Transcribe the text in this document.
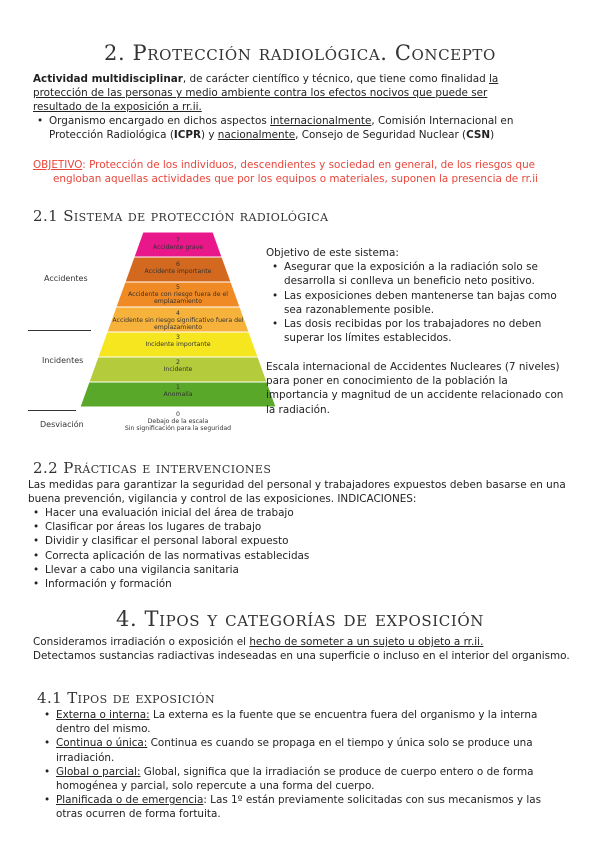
2. Protección radiológica. Concepto

Actividad multidisciplinar, de carácter científico y técnico, que tiene como finalidad la

protección de las personas y medio ambiente contra los efectos nocivos que puede ser

resultado de la exposición a rr.ii.

• Organismo encargado en dichos aspectos internacionalmente, Comisión Internacional en
Protección Radiológica (ICPR) y nacionalmente, Consejo de Seguridad Nuclear (CSN)

OBJETIVO: Protección de los individuos, descendientes y sociedad en general, de los riesgos que

engloban aquellas actividades que por los equipos o materiales, suponen la presencia de rr.ii

2.1 Sistema de protección radiológica
Accidentes
Incidentes
Desviación
7
Accidente grave
6
Accidente importante
5
Accidente con riesgo fuera de el emplazamiento
4
Accidente sin riesgo significativo fuera del emplazamiento
3
Incidente importante
2
Incidente
1
Anomalía
0
Debajo de la escala
Sin significación para la seguridad

Objetivo de este sistema:

• Asegurar que la exposición a la radiación solo se desarrolla si conlleva un beneficio neto positivo.
• Las exposiciones deben mantenerse tan bajas como sea razonablemente posible.
• Las dosis recibidas por los trabajadores no deben superar los límites establecidos.

Escala internacional de Accidentes Nucleares (7 niveles) para poner en conocimiento de la población la importancia y magnitud de un accidente relacionado con la radiación.

2.2 Prácticas e intervenciones

Las medidas para garantizar la seguridad del personal y trabajadores expuestos deben basarse en una buena prevención, vigilancia y control de las exposiciones. INDICACIONES:

• Hacer una evaluación inicial del área de trabajo
• Clasificar por áreas los lugares de trabajo
• Dividir y clasificar el personal laboral expuesto
• Correcta aplicación de las normativas establecidas
• Llevar a cabo una vigilancia sanitaria
• Información y formación
4. Tipos y categorías de exposición

Consideramos irradiación o exposición el hecho de someter a un sujeto u objeto a rr.ii.

Detectamos sustancias radiactivas indeseadas en una superficie o incluso en el interior del organismo.

4.1 Tipos de exposición
• Externa o interna: La externa es la fuente que se encuentra fuera del organismo y la interna dentro del mismo.
• Continua o única: Continua es cuando se propaga en el tiempo y única solo se produce una irradiación.
• Global o parcial: Global, significa que la irradiación se produce de cuerpo entero o de forma homogénea y parcial, solo repercute a una forma del cuerpo.
• Planificada o de emergencia: Las 1º están previamente solicitadas con sus mecanismos y las otras ocurren de forma fortuita.
